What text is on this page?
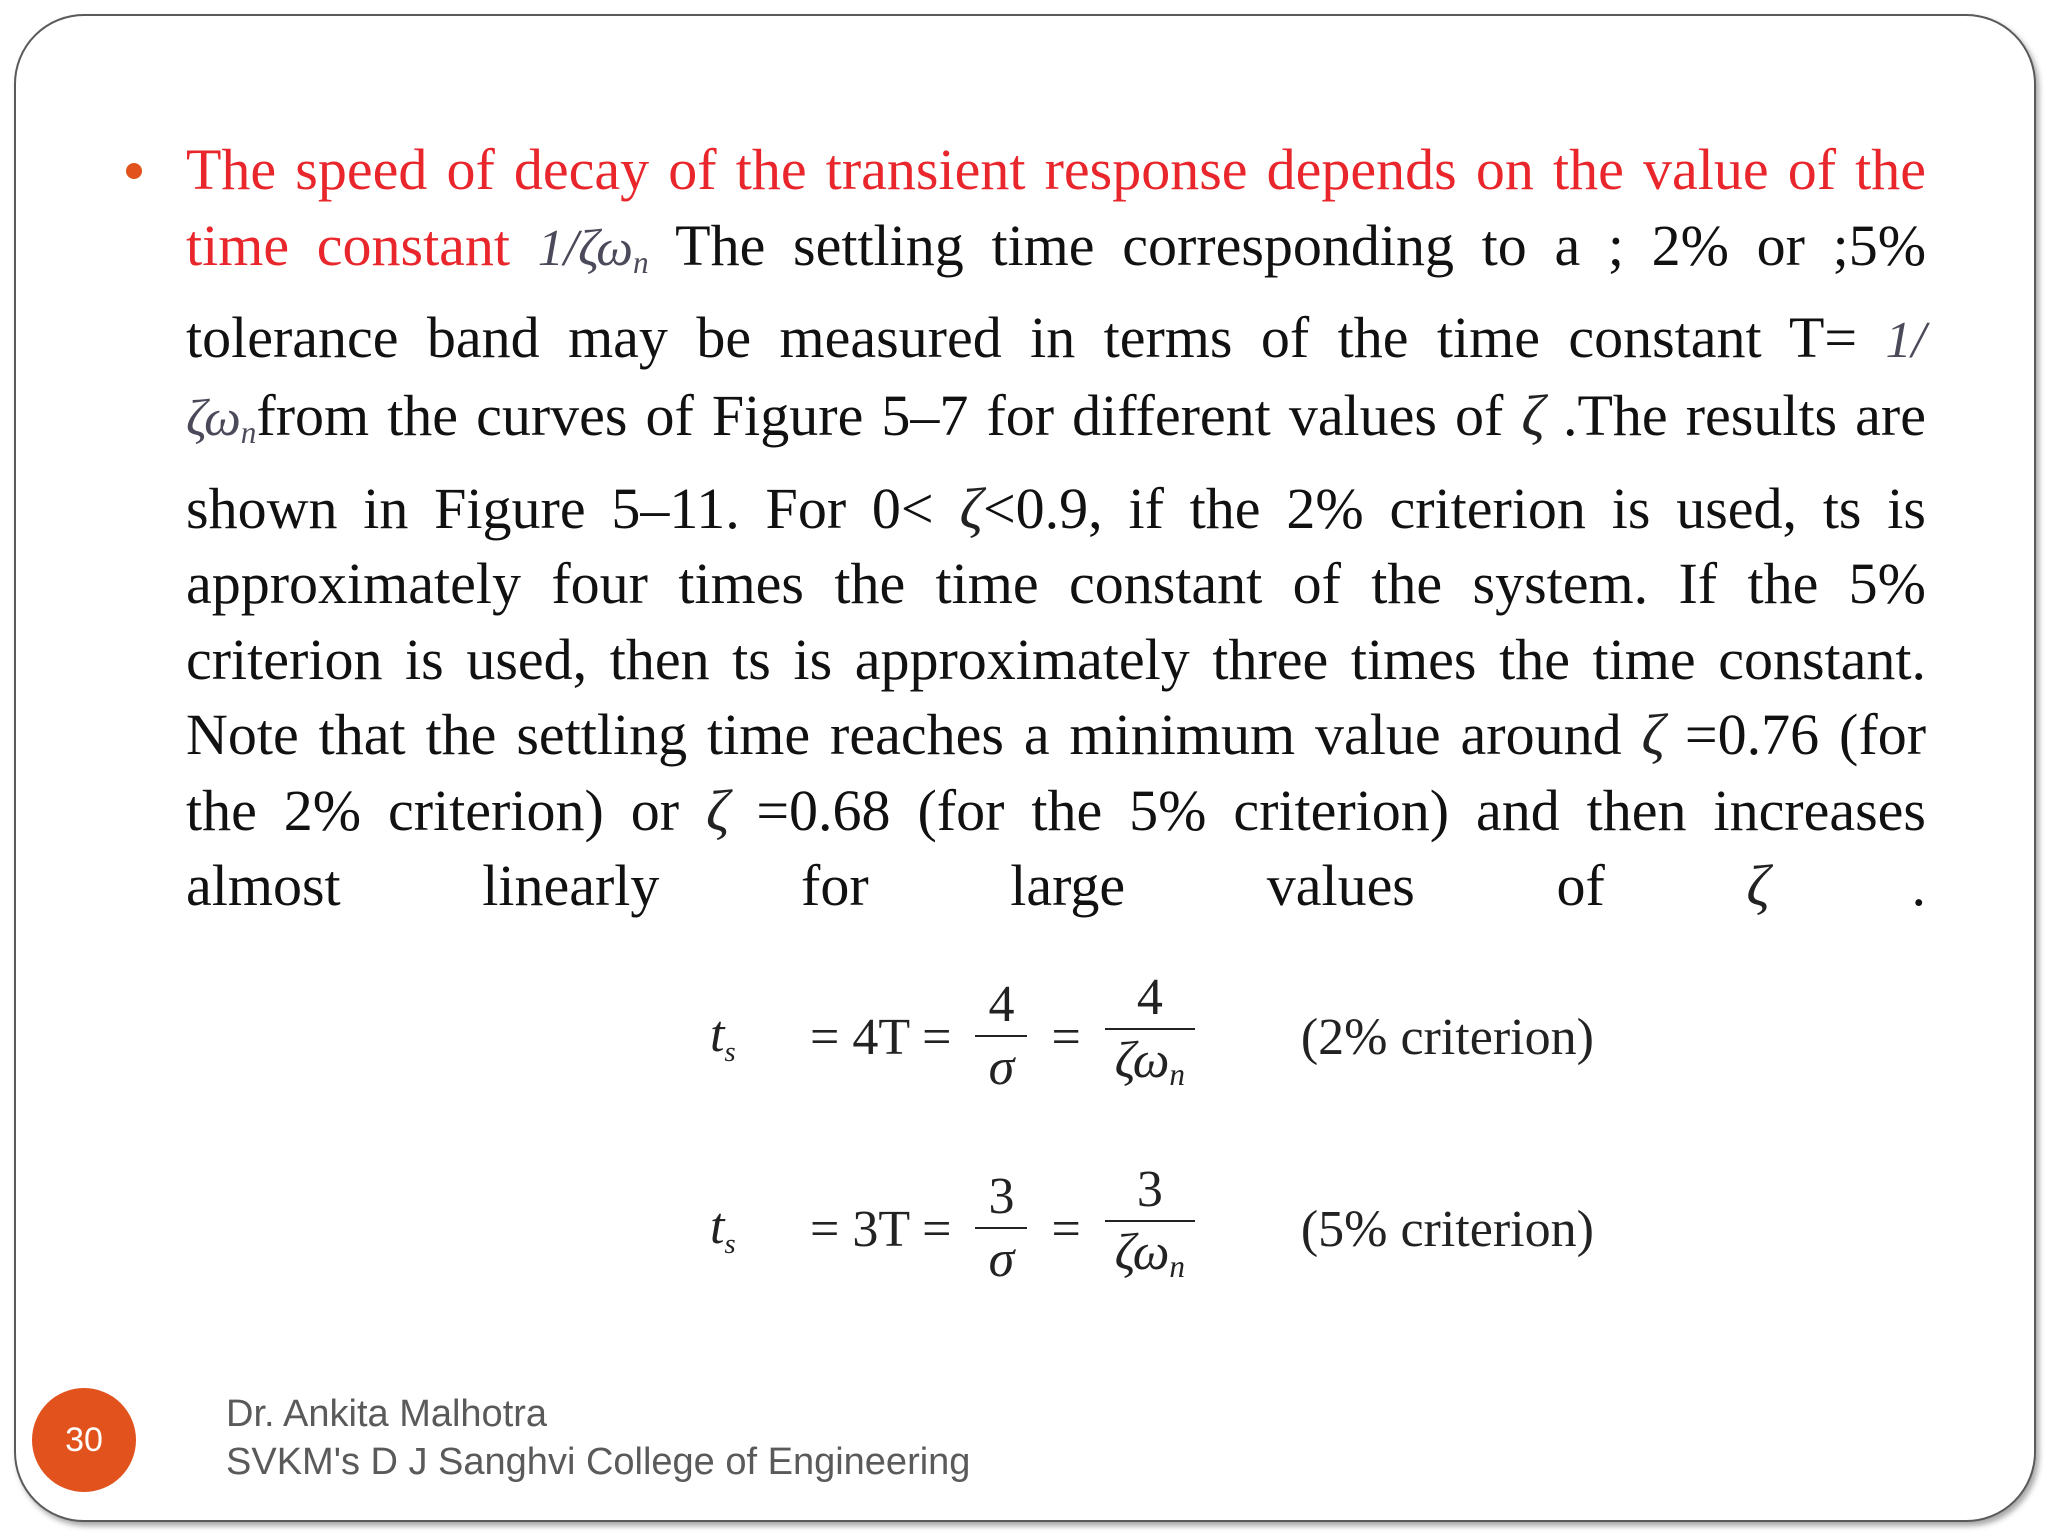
The speed of decay of the transient response depends on the value of the time constant $1/\zeta\omega_n$ The settling time corresponding to a ; 2% or ;5% tolerance band may be measured in terms of the time constant $T= 1/\zeta\omega_nfrom$ the curves of Figure 5–7 for different values of ζ .The results are shown in Figure 5–11. For 0< ζ<0.9, if the 2% criterion is used, ts is approximately four times the time constant of the system. If the 5% criterion is used, then ts is approximately three times the time constant. Note that the settling time reaches a minimum value around ζ =0.76 (for the 2% criterion) or ζ =0.68 (for the 5% criterion) and then increases almost linearly for large values of ζ .

ts	= $4T = \frac{4}{\sigma} = \frac{4}{\zeta\omega_n} (2\%$ criterion)
ts	= $3T = \frac{3}{\sigma} = \frac{3}{\zeta\omega_n} (5\%$ criterion)
30
Dr. Ankita Malhotra
SVKM's D J Sanghvi College of Engineering
